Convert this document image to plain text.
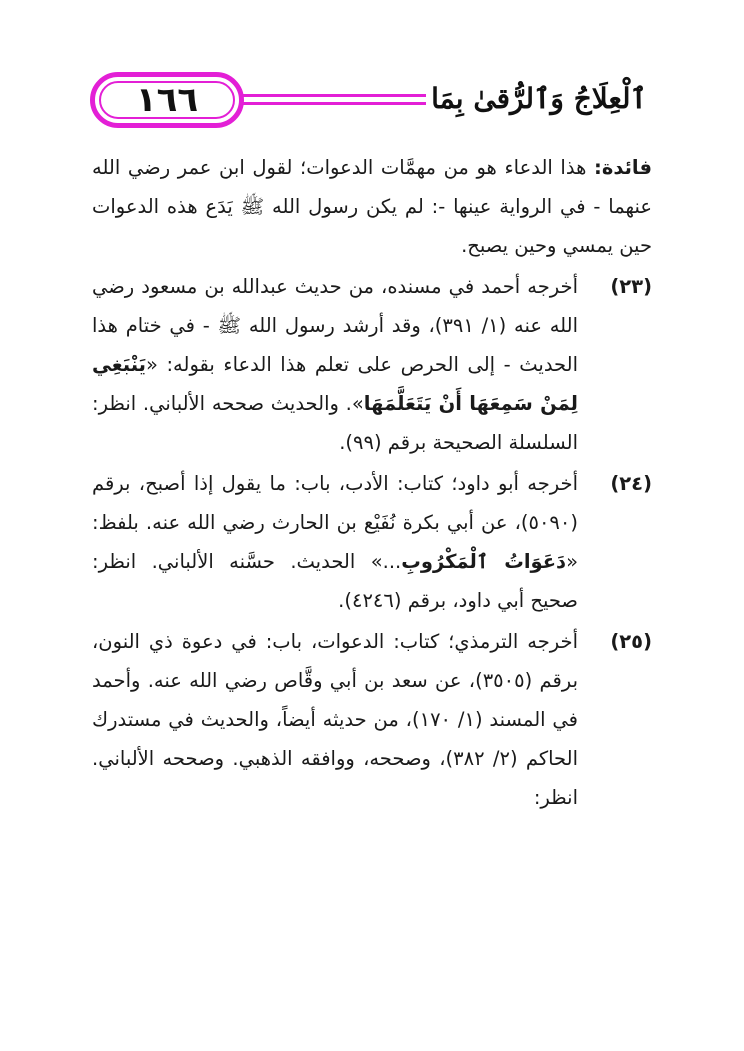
١٦٦	ٱلْعِلَاجُ وَٱلرُّقىٰ بِمَا
فائدة: هذا الدعاء هو من مهمَّات الدعوات؛ لقول ابن عمر رضي الله عنهما - في الرواية عينها -: لم يكن رسول الله ﷺ يَدَع هذه الدعوات حين يمسي وحين يصبح.
(٢٣)
أخرجه أحمد في مسنده، من حديث عبدالله بن مسعود رضي الله عنه (١/ ٣٩١)، وقد أرشد رسول الله ﷺ - في ختام هذا الحديث - إلى الحرص على تعلم هذا الدعاء بقوله: «يَنْبَغِي لِمَنْ سَمِعَهَا أَنْ يَتَعَلَّمَهَا». والحديث صححه الألباني. انظر: السلسلة الصحيحة برقم (٩٩).
(٢٤)
أخرجه أبو داود؛ كتاب: الأدب، باب: ما يقول إذا أصبح، برقم (٥٠٩٠)، عن أبي بكرة نُفَيْع بن الحارث رضي الله عنه. بلفظ: «دَعَوَاتُ ٱلْمَكْرُوبِ...» الحديث. حسَّنه الألباني. انظر: صحيح أبي داود، برقم (٤٢٤٦).
(٢٥)
أخرجه الترمذي؛ كتاب: الدعوات، باب: في دعوة ذي النون، برقم (٣٥٠٥)، عن سعد بن أبي وقَّاص رضي الله عنه. وأحمد في المسند (١/ ١٧٠)، من حديثه أيضاً، والحديث في مستدرك الحاكم (٢/ ٣٨٢)، وصححه، ووافقه الذهبي. وصححه الألباني. انظر:
